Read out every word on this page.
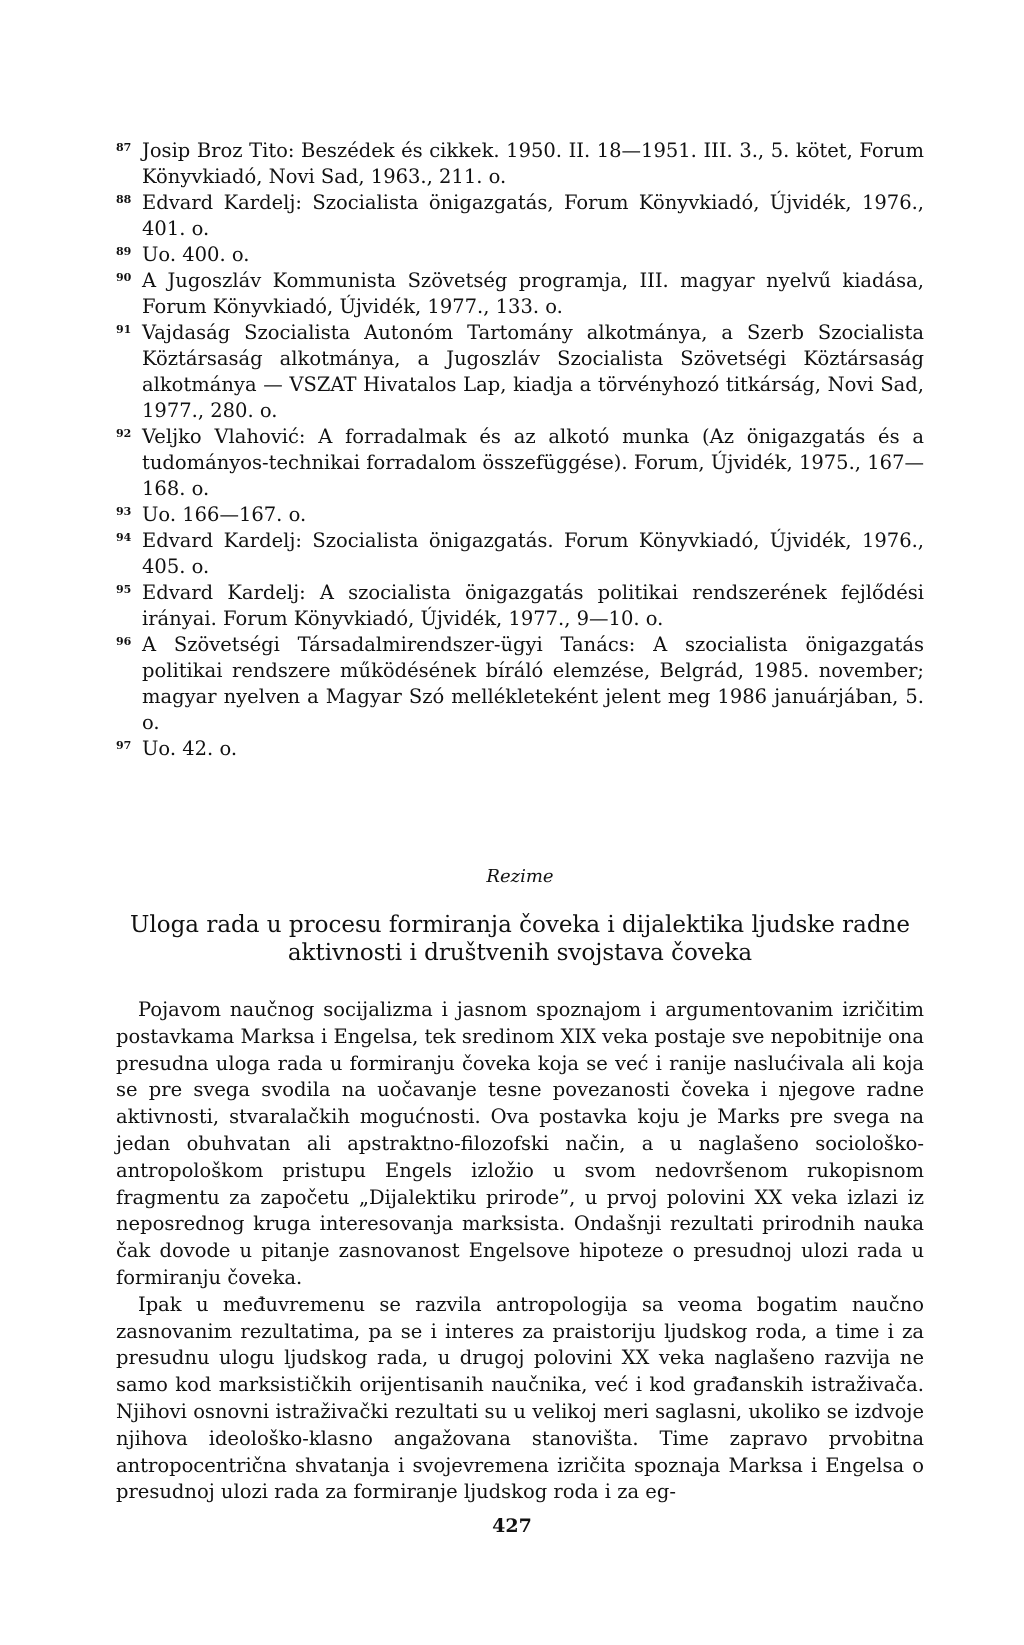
87 Josip Broz Tito: Beszédek és cikkek. 1950. II. 18—1951. III. 3., 5. kötet, Forum Könyvkiadó, Novi Sad, 1963., 211. o.

88 Edvard Kardelj: Szocialista önigazgatás, Forum Könyvkiadó, Újvidék, 1976., 401. o.

89 Uo. 400. o.

90 A Jugoszláv Kommunista Szövetség programja, III. magyar nyelvű kiadása, Forum Könyvkiadó, Újvidék, 1977., 133. o.

91 Vajdaság Szocialista Autonóm Tartomány alkotmánya, a Szerb Szocialista Köztársaság alkotmánya, a Jugoszláv Szocialista Szövetségi Köztársaság alkotmánya — VSZAT Hivatalos Lap, kiadja a törvényhozó titkárság, Novi Sad, 1977., 280. o.

92 Veljko Vlahović: A forradalmak és az alkotó munka (Az önigazgatás és a tudományos-technikai forradalom összefüggése). Forum, Újvidék, 1975., 167—168. o.

93 Uo. 166—167. o.

94 Edvard Kardelj: Szocialista önigazgatás. Forum Könyvkiadó, Újvidék, 1976., 405. o.

95 Edvard Kardelj: A szocialista önigazgatás politikai rendszerének fejlődési irányai. Forum Könyvkiadó, Újvidék, 1977., 9—10. o.

96 A Szövetségi Társadalmirendszer-ügyi Tanács: A szocialista önigazgatás politikai rendszere működésének bíráló elemzése, Belgrád, 1985. november; magyar nyelven a Magyar Szó mellékleteként jelent meg 1986 januárjában, 5. o.

97 Uo. 42. o.

Rezime
Uloga rada u procesu formiranja čoveka i dijalektika ljudske radne aktivnosti i društvenih svojstava čoveka

Pojavom naučnog socijalizma i jasnom spoznajom i argumentovanim izričitim postavkama Marksa i Engelsa, tek sredinom XIX veka postaje sve nepobitnije ona presudna uloga rada u formiranju čoveka koja se već i ranije naslućivala ali koja se pre svega svodila na uočavanje tesne povezanosti čoveka i njegove radne aktivnosti, stvaralačkih mogućnosti. Ova postavka koju je Marks pre svega na jedan obuhvatan ali apstraktno-filozofski način, a u naglašeno sociološko-antropološkom pristupu Engels izložio u svom nedovršenom rukopisnom fragmentu za započetu „Dijalektiku prirode”, u prvoj polovini XX veka izlazi iz neposrednog kruga interesovanja marksista. Ondašnji rezultati prirodnih nauka čak dovode u pitanje zasnovanost Engelsove hipoteze o presudnoj ulozi rada u formiranju čoveka.

Ipak u međuvremenu se razvila antropologija sa veoma bogatim naučno zasnovanim rezultatima, pa se i interes za praistoriju ljudskog roda, a time i za presudnu ulogu ljudskog rada, u drugoj polovini XX veka naglašeno razvija ne samo kod marksističkih orijentisanih naučnika, već i kod građanskih istraživača. Njihovi osnovni istraživački rezultati su u velikoj meri saglasni, ukoliko se izdvoje njihova ideološko-klasno angažovana stanovišta. Time zapravo prvobitna antropocentrična shvatanja i svojevremena izričita spoznaja Marksa i Engelsa o presudnoj ulozi rada za formiranje ljudskog roda i za eg-

427
